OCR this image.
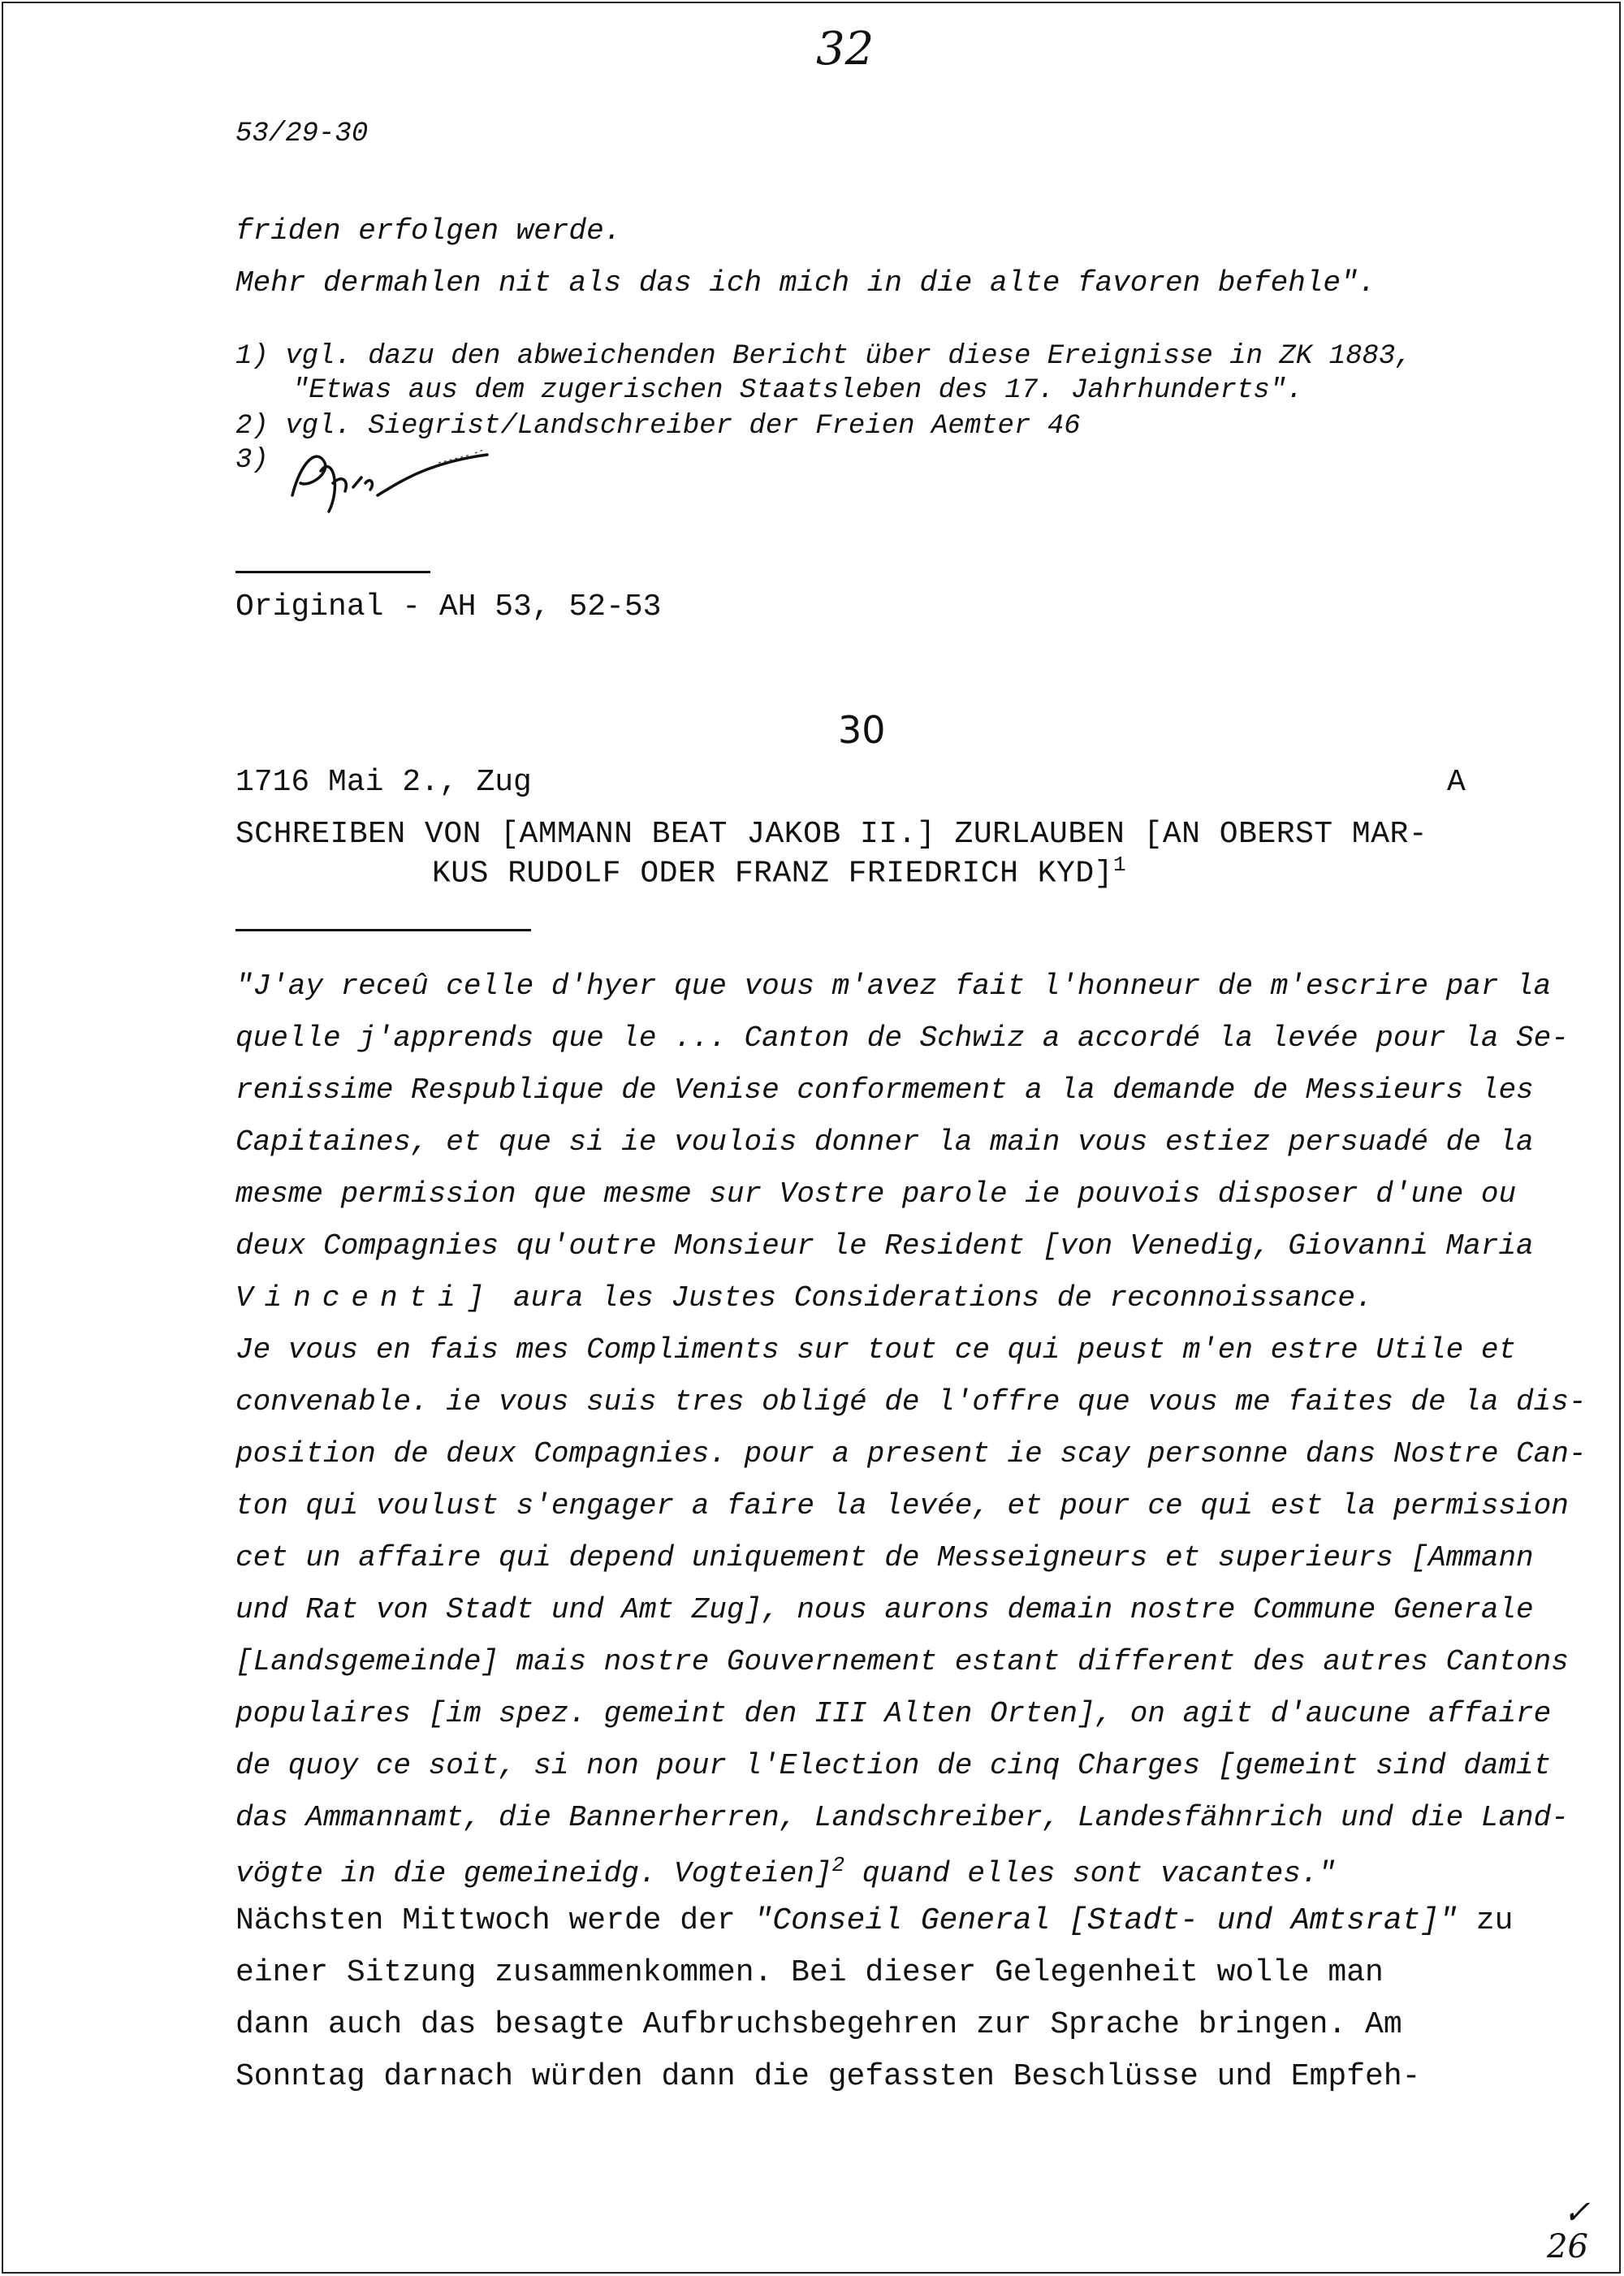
32
53/29-30
friden erfolgen werde.
Mehr dermahlen nit als das ich mich in die alte favoren befehle".
1) vgl. dazu den abweichenden Bericht über diese Ereignisse in ZK 1883,
"Etwas aus dem zugerischen Staatsleben des 17. Jahrhunderts".
2) vgl. Siegrist/Landschreiber der Freien Aemter 46
3)
Original - AH 53, 52-53
30
1716 Mai 2., Zug	A
SCHREIBEN VON [AMMANN BEAT JAKOB II.] ZURLAUBEN [AN OBERST MAR-
KUS RUDOLF ODER FRANZ FRIEDRICH KYD]$^1$
"J'ay receû celle d'hyer que vous m'avez fait l'honneur de m'escrire par la
quelle j'apprends que le ... Canton de Schwiz a accordé la levée pour la Se-
renissime Respublique de Venise conformement a la demande de Messieurs les
Capitaines, et que si ie voulois donner la main vous estiez persuadé de la
mesme permission que mesme sur Vostre parole ie pouvois disposer d'une ou
deux Compagnies qu'outre Monsieur le Resident [von Venedig, Giovanni Maria
Vincenti] aura les Justes Considerations de reconnoissance.
Je vous en fais mes Compliments sur tout ce qui peust m'en estre Utile et
convenable. ie vous suis tres obligé de l'offre que vous me faites de la dis-
position de deux Compagnies. pour a present ie scay personne dans Nostre Can-
ton qui voulust s'engager a faire la levée, et pour ce qui est la permission
cet un affaire qui depend uniquement de Messeigneurs et superieurs [Ammann
und Rat von Stadt und Amt Zug], nous aurons demain nostre Commune Generale
[Landsgemeinde] mais nostre Gouvernement estant different des autres Cantons
populaires [im spez. gemeint den III Alten Orten], on agit d'aucune affaire
de quoy ce soit, si non pour l'Election de cinq Charges [gemeint sind damit
das Ammannamt, die Bannerherren, Landschreiber, Landesfähnrich und die Land-
vögte in die gemeineidg. Vogteien]$^2$ quand elles sont vacantes."
Nächsten Mittwoch werde der "Conseil General [Stadt- und Amtsrat]" zu
einer Sitzung zusammenkommen. Bei dieser Gelegenheit wolle man
dann auch das besagte Aufbruchsbegehren zur Sprache bringen. Am
Sonntag darnach würden dann die gefassten Beschlüsse und Empfeh-
✓
26
